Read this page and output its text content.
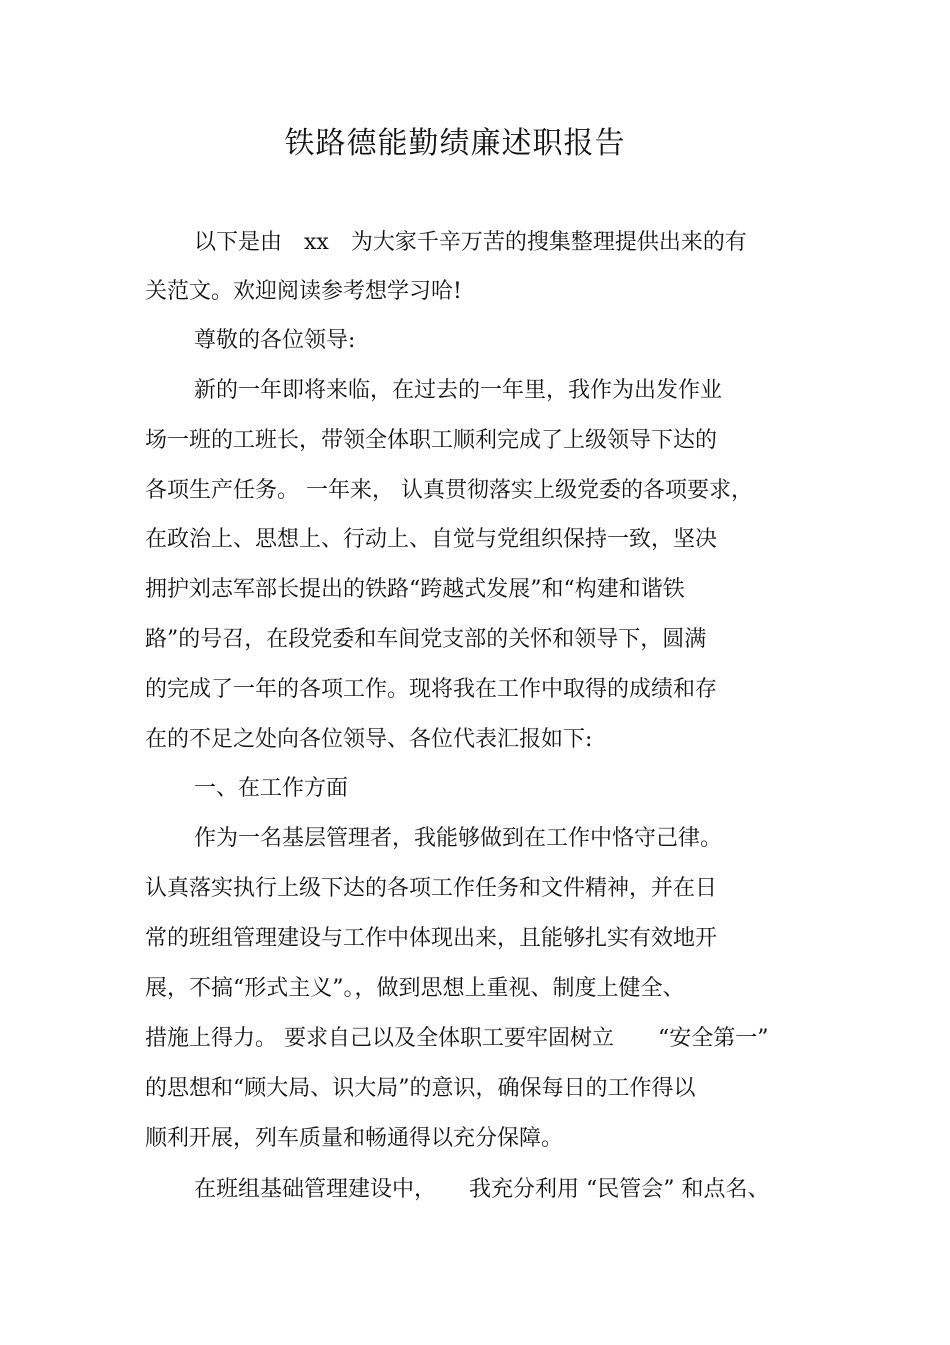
铁路德能勤绩廉述职报告
以下是由　xx　为大家千辛万苦的搜集整理提供出来的有
关范文。欢迎阅读参考想学习哈!
尊敬的各位领导:
新的一年即将来临，在过去的一年里，我作为出发作业
场一班的工班长，带领全体职工顺利完成了上级领导下达的
各项生产任务。 一年来， 认真贯彻落实上级党委的各项要求，
在政治上、思想上、行动上、自觉与党组织保持一致，坚决
拥护刘志军部长提出的铁路“跨越式发展”和“构建和谐铁
路”的号召，在段党委和车间党支部的关怀和领导下，圆满
的完成了一年的各项工作。现将我在工作中取得的成绩和存
在的不足之处向各位领导、各位代表汇报如下:
一、在工作方面
作为一名基层管理者，我能够做到在工作中恪守己律。
认真落实执行上级下达的各项工作任务和文件精神，并在日
常的班组管理建设与工作中体现出来，且能够扎实有效地开
展，不搞“形式主义”。，做到思想上重视、制度上健全、
措施上得力。 要求自己以及全体职工要牢固树立　　“安全第一”
的思想和“顾大局、识大局”的意识，确保每日的工作得以
顺利开展，列车质量和畅通得以充分保障。
在班组基础管理建设中，　　我充分利用 “民管会” 和点名、
